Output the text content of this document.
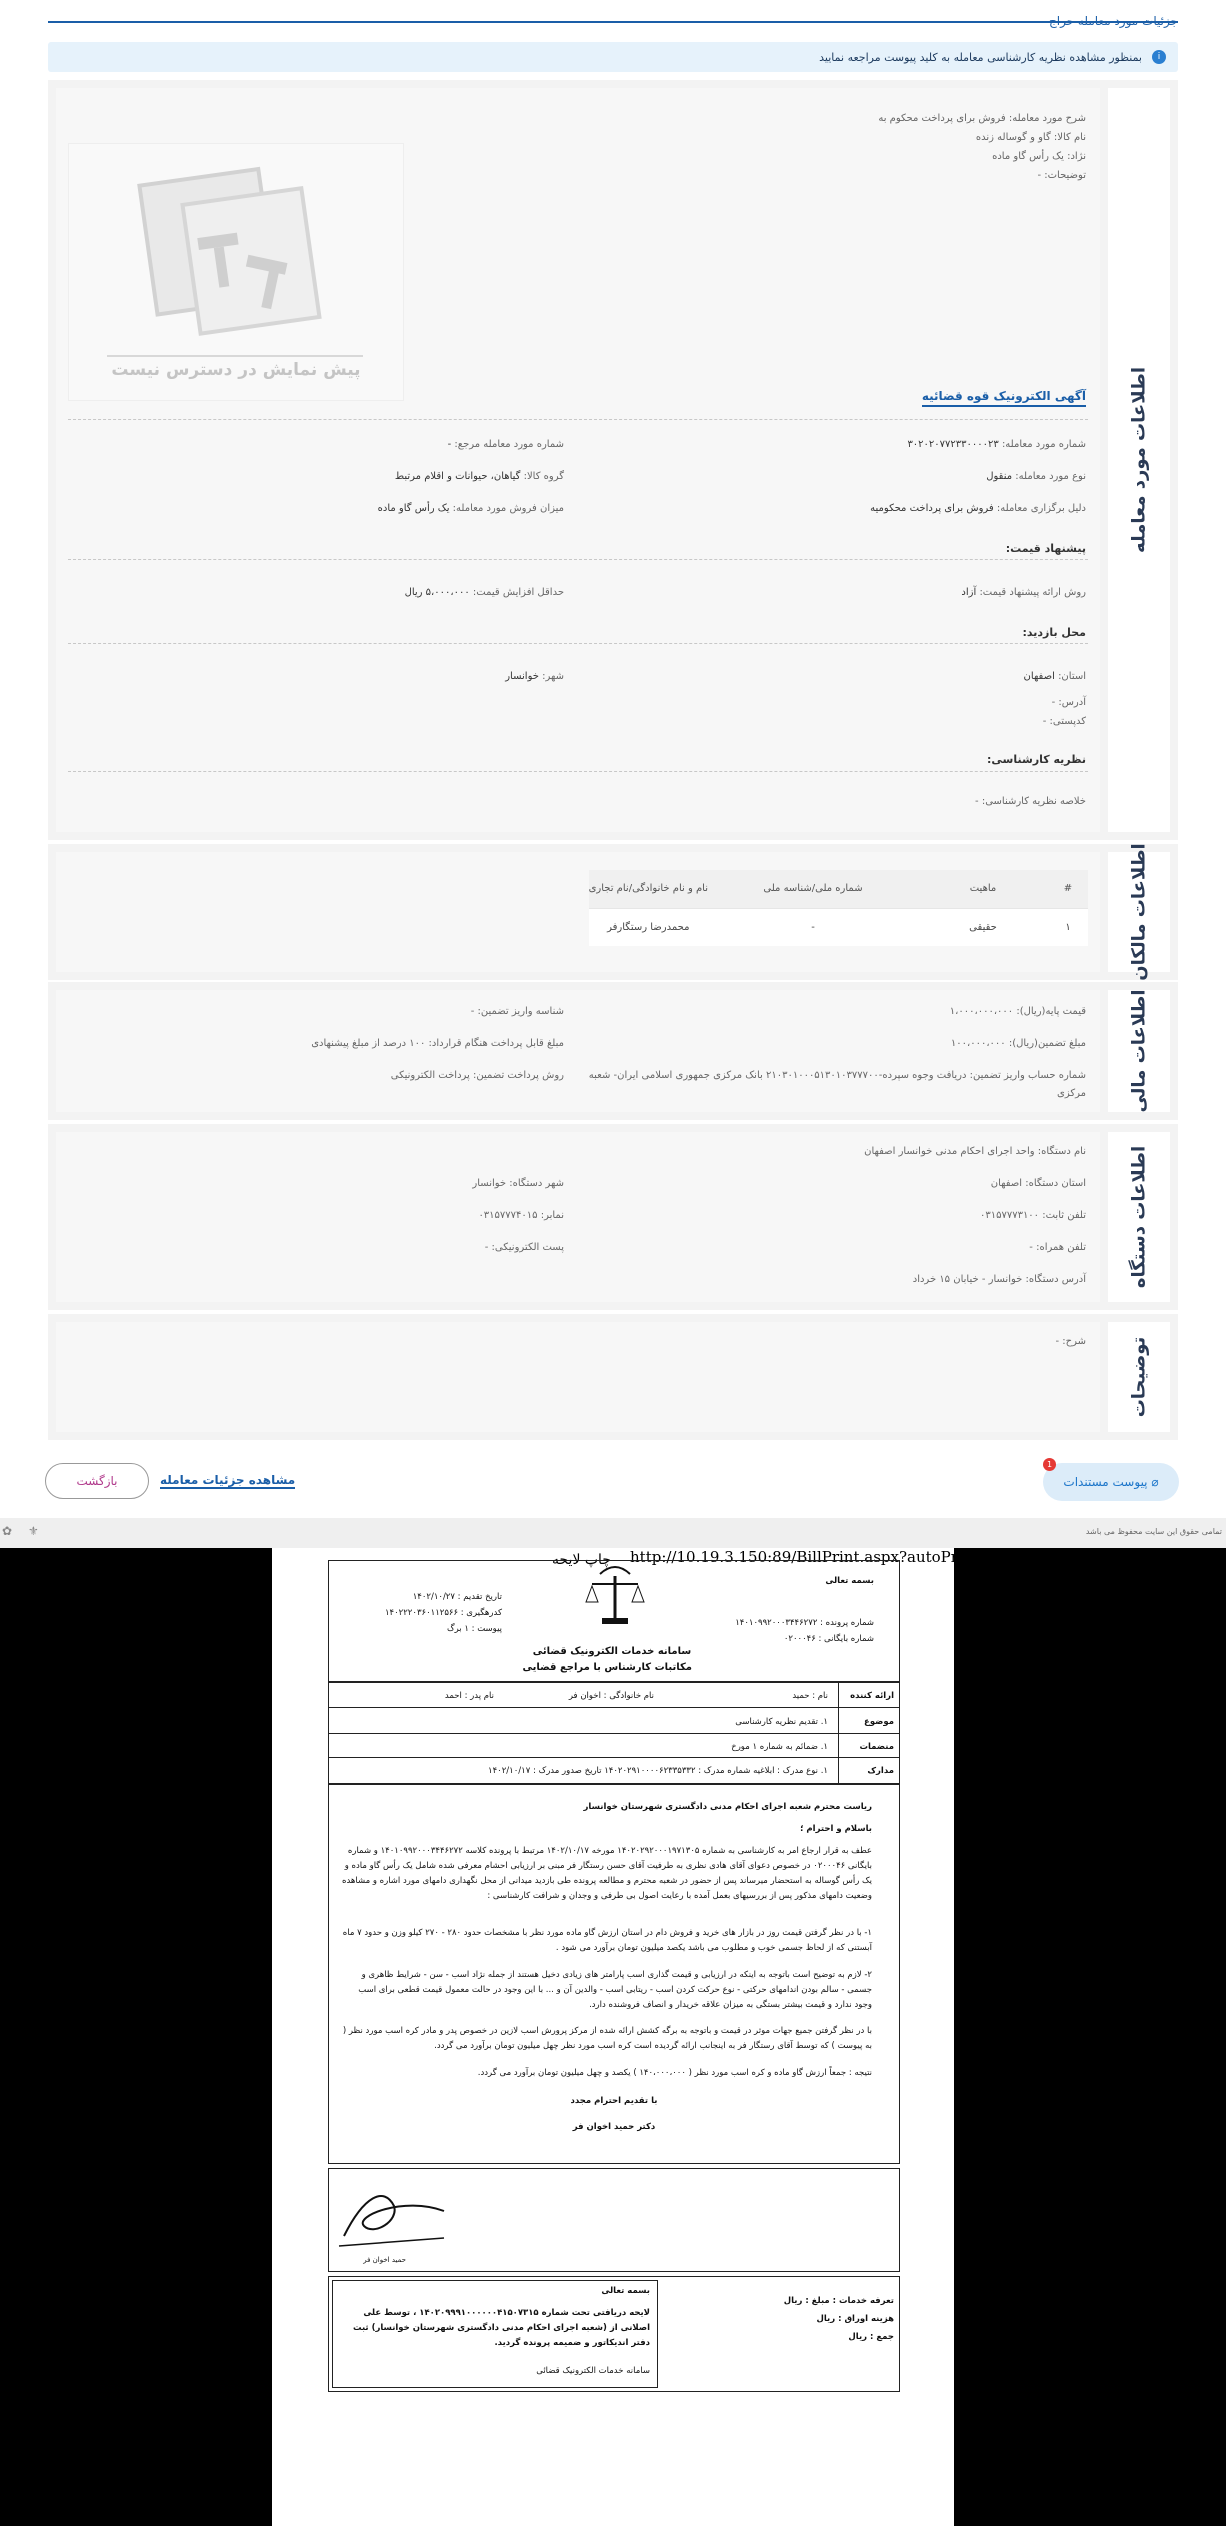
i
بمنظور مشاهده نظریه کارشناسی معامله به کلید پیوست مراجعه نمایید
اطلاعات مورد معامله
شرح مورد معامله: فروش برای پرداخت محکوم به
نام کالا: گاو و گوساله زنده
نژاد: یک رأس گاو ماده
توضیحات: -
پیش نمایش در دسترس نیست
آگهی الکترونیک قوه قضائیه
شماره مورد معامله: ۳۰۲۰۲۰۷۷۲۳۳۰۰۰۰۲۳
شماره مورد معامله مرجع: -
نوع مورد معامله: منقول
گروه کالا: گیاهان، حیوانات و اقلام مرتبط
دلیل برگزاری معامله: فروش برای پرداخت محکومیه
میزان فروش مورد معامله: یک رأس گاو ماده
پیشنهاد قیمت:
روش ارائه پیشنهاد قیمت: آزاد
حداقل افزایش قیمت: ۵،۰۰۰،۰۰۰ ریال
محل بازدید:
استان: اصفهان
شهر: خوانسار
آدرس: -
کدپستی: -
نظریه کارشناسی:
خلاصه نظریه کارشناسی: -
اطلاعات مالکان
#	ماهیت	شماره ملی/شناسه ملی	نام و نام خانوادگی/نام تجاری
۱	حقیقی	-	محمدرضا رستگارفر
اطلاعات مالی
قیمت پایه(ریال): ۱،۰۰۰،۰۰۰،۰۰۰
شناسه واریز تضمین: -
مبلغ تضمین(ریال): ۱۰۰،۰۰۰،۰۰۰
مبلغ قابل پرداخت هنگام قرارداد: ۱۰۰ درصد از مبلغ پیشنهادی
شماره حساب واریز تضمین: دریافت وجوه سپرده-۲۱۰۳۰۱۰۰۰۵۱۳۰۱۰۳۷۷۷۰۰ بانک مرکزی جمهوری اسلامی ایران- شعبه
مرکزی
روش پرداخت تضمین: پرداخت الکترونیکی
اطلاعات دستگاه
نام دستگاه: واحد اجرای احکام مدنی خوانسار اصفهان
استان دستگاه: اصفهان
شهر دستگاه: خوانسار
تلفن ثابت: ۰۳۱۵۷۷۷۳۱۰۰
نمابر: ۰۳۱۵۷۷۷۴۰۱۵
تلفن همراه: -
پست الکترونیکی: -
آدرس دستگاه: خوانسار - خیابان ۱۵ خرداد
توضیحات
شرح: -
1
⌀ پیوست مستندات
بازگشت	مشاهده جزئیات معامله
تمامی حقوق این سایت محفوظ می باشد
⚜
✿
http://10.19.3.150:89/BillPrint.aspx?autoPrint=t
چاپ لایحه
بسمه تعالی
شماره پرونده : ۱۴۰۱۰۹۹۲۰۰۰۳۴۴۶۲۷۲
شماره بایگانی : ۰۲۰۰۰۴۶
سامانه خدمات الکترونیک قضائی
مکاتبات کارشناس با مراجع قضایی
تاریخ تقدیم : ۱۴۰۲/۱۰/۲۷
کدرهگیری : ۱۴۰۲۲۲۰۳۶۰۱۱۲۵۶۶
پیوست : ۱ برگ
ارائه کننده
نام : حمید
نام خانوادگی : اخوان فر
نام پدر : احمد
موضوع
۱. تقدیم نظریه کارشناسی
منضمات
۱. ضمائم به شماره ۱ مورخ
مدارک
۱. نوع مدرک : ابلاغیه شماره مدرک : ۱۴۰۲۰۲۹۱۰۰۰۰۶۲۳۳۵۳۳۲ تاریخ صدور مدرک : ۱۴۰۲/۱۰/۱۷
ریاست محترم شعبه اجرای احکام مدنی دادگستری شهرستان خوانسار
باسلام و احترام ؛
عطف به قرار ارجاع امر به کارشناسی به شماره ۱۴۰۲۰۲۹۲۰۰۰۱۹۷۱۳۰۵ مورخه ۱۴۰۲/۱۰/۱۷ مرتبط با پرونده کلاسه ۱۴۰۱۰۹۹۲۰۰۰۳۴۴۶۲۷۲ و شماره بایگانی ۰۲۰۰۰۴۶ در خصوص دعوای آقای هادی نظری به طرفیت آقای حسن رستگار فر مبنی بر ارزیابی احشام معرفی شده شامل یک رأس گاو ماده و یک رأس گوساله به استحضار میرساند پس از حضور در شعبه محترم و مطالعه پرونده طی بازدید میدانی از محل نگهداری دامهای مورد اشاره و مشاهده وضعیت دامهای مذکور پس از بررسیهای بعمل آمده با رعایت اصول بی طرفی و وجدان و شرافت کارشناسی :
۱- با در نظر گرفتن قیمت روز در بازار های خرید و فروش دام در استان ارزش گاو ماده مورد نظر با مشخصات حدود ۲۸۰ - ۲۷۰ کیلو وزن و حدود ۷ ماه آبستنی که از لحاظ جسمی خوب و مطلوب می باشد یکصد میلیون تومان برآورد می شود .
۲- لازم به توضیح است باتوجه به اینکه در ارزیابی و قیمت گذاری اسب پارامتر های زیادی دخیل هستند از جمله نژاد اسب - سن - شرایط ظاهری و جسمی - سالم بودن اندامهای حرکتی - نوع حرکت کردن اسب - ریتابی اسب - والدین آن و ... با این وجود در حالت معمول قیمت قطعی برای اسب وجود ندارد و قیمت بیشتر بستگی به میزان علاقه خریدار و انصاف فروشنده دارد.
با در نظر گرفتن جمیع جهات موثر در قیمت و باتوجه به برگه کشش ارائه شده از مرکز پرورش اسب لازین در خصوص پدر و مادر کره اسب مورد نظر ( به پیوست ) که توسط آقای رستگار فر به اینجانب ارائه گردیده است کره اسب مورد نظر چهل میلیون تومان برآورد می گردد.
نتیجه : جمعاً ارزش گاو ماده و کره اسب مورد نظر ( ۱۴۰،۰۰۰،۰۰۰ ) یکصد و چهل میلیون تومان برآورد می گردد.
با تقدیم احترام مجدد
دکتر حمید اخوان فر
حمید اخوان فر
تعرفه خدمات : مبلغ : ریال
هزینه اوراق : ریال
جمع : ریال
بسمه تعالی
لایحه دریافتی تحت شماره ۱۴۰۲۰۹۹۹۱۰۰۰۰۰۰۴۱۵۰۷۳۱۵ ، توسط علی اصلانی از (شعبه اجرای احکام مدنی دادگستری شهرستان خوانسار) ثبت دفتر اندیکاتور و ضمیمه پرونده گردید.
سامانه خدمات الکترونیک قضائی
